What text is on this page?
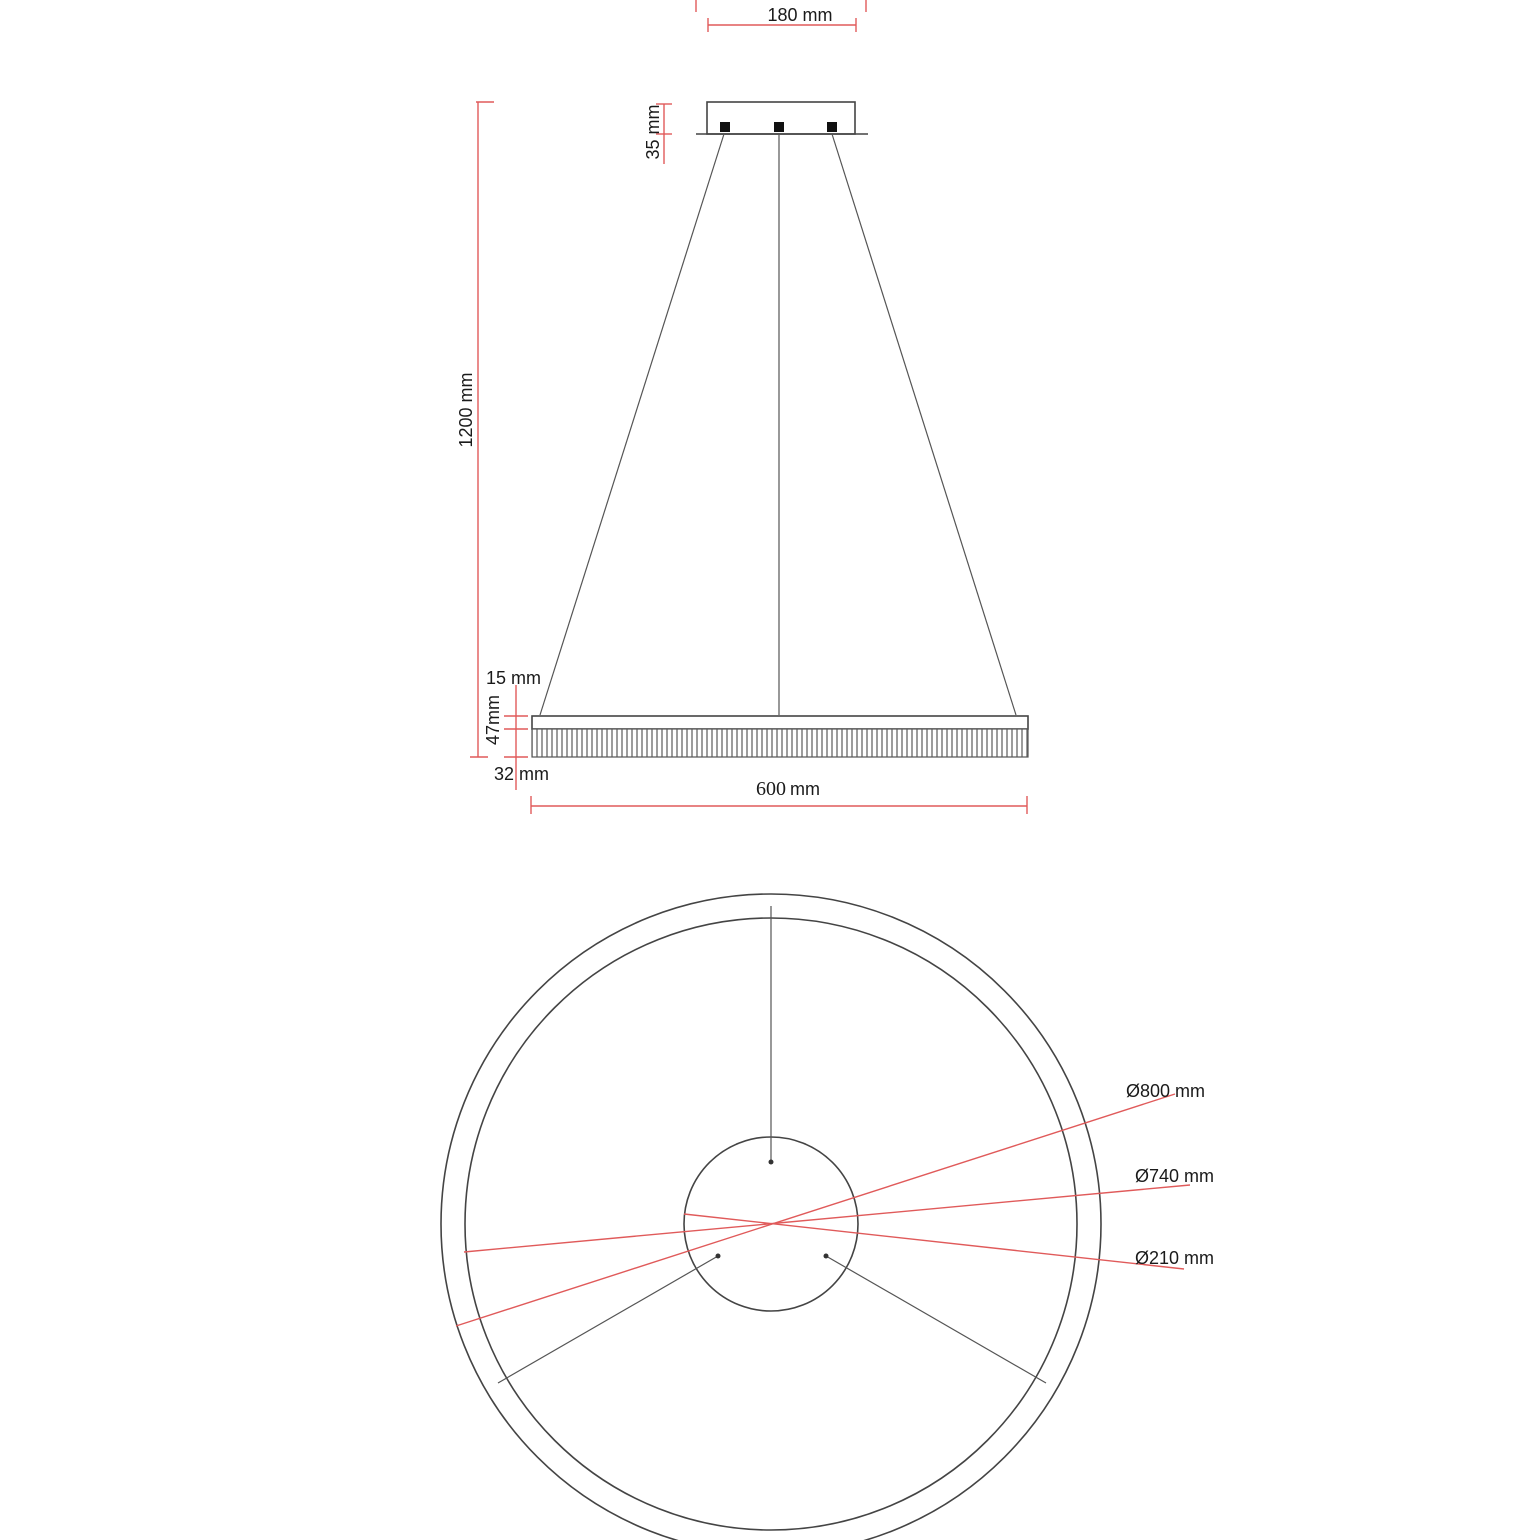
180 mm
35 mm
1200 mm
15 mm
47mm
32 mm
600 mm
Ø800 mm
Ø740 mm
Ø210 mm
